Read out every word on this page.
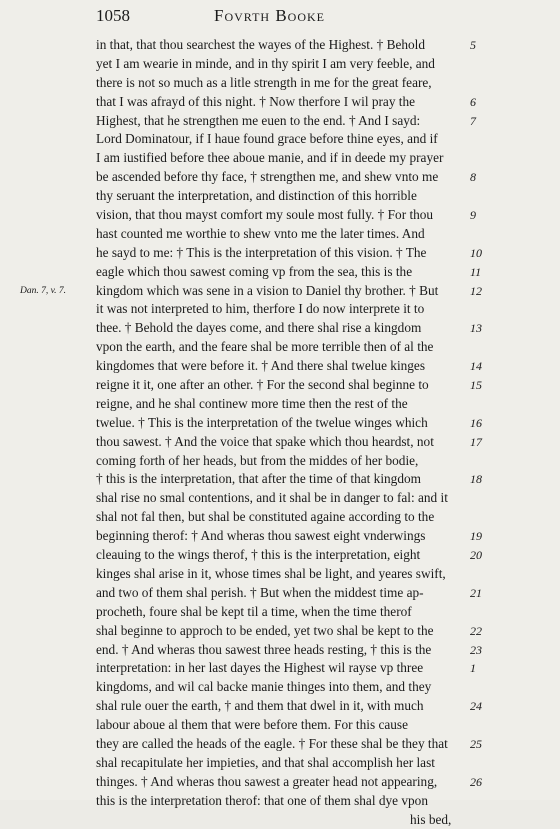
1058	Fovrth Booke
in that, that thou searchest the wayes of the Highest. † Behold	5
yet I am wearie in minde, and in thy spirit I am very feeble, and
there is not so much as a litle strength in me for the great feare,
that I was afrayd of this night. † Now therfore I wil pray the	6
Highest, that he strengthen me euen to the end. † And I sayd:	7
Lord Dominatour, if I haue found grace before thine eyes, and if
I am iustified before thee aboue manie, and if in deede my prayer
be ascended before thy face, † strengthen me, and shew vnto me	8
thy seruant the interpretation, and distinction of this horrible
vision, that thou mayst comfort my soule most fully. † For thou	9
hast counted me worthie to shew vnto me the later times. And
he sayd to me: † This is the interpretation of this vision. † The	10
eagle which thou sawest coming vp from the sea, this is the	11
Dan. 7, v. 7.	kingdom which was sene in a vision to Daniel thy brother. † But	12
it was not interpreted to him, therfore I do now interprete it to
thee. † Behold the dayes come, and there shal rise a kingdom	13
vpon the earth, and the feare shal be more terrible then of al the
kingdomes that were before it. † And there shal twelue kinges	14
reigne it it, one after an other. † For the second shal beginne to	15
reigne, and he shal continew more time then the rest of the
twelue. † This is the interpretation of the twelue winges which	16
thou sawest. † And the voice that spake which thou heardst, not	17
coming forth of her heads, but from the middes of her bodie,
† this is the interpretation, that after the time of that kingdom	18
shal rise no smal contentions, and it shal be in danger to fal: and it
shal not fal then, but shal be constituted againe according to the
beginning therof: † And wheras thou sawest eight vnderwings	19
cleauing to the wings therof, † this is the interpretation, eight	20
kinges shal arise in it, whose times shal be light, and yeares swift,
and two of them shal perish. † But when the middest time ap-	21
procheth, foure shal be kept til a time, when the time therof
shal beginne to approch to be ended, yet two shal be kept to the	22
end. † And wheras thou sawest three heads resting, † this is the	23
interpretation: in her last dayes the Highest wil rayse vp three	1
kingdoms, and wil cal backe manie thinges into them, and they
shal rule ouer the earth, † and them that dwel in it, with much	24
labour aboue al them that were before them. For this cause
they are called the heads of the eagle. † For these shal be they that	25
shal recapitulate her impieties, and that shal accomplish her last
thinges. † And wheras thou sawest a greater head not appearing,	26
this is the interpretation therof: that one of them shal dye vpon
his bed,
